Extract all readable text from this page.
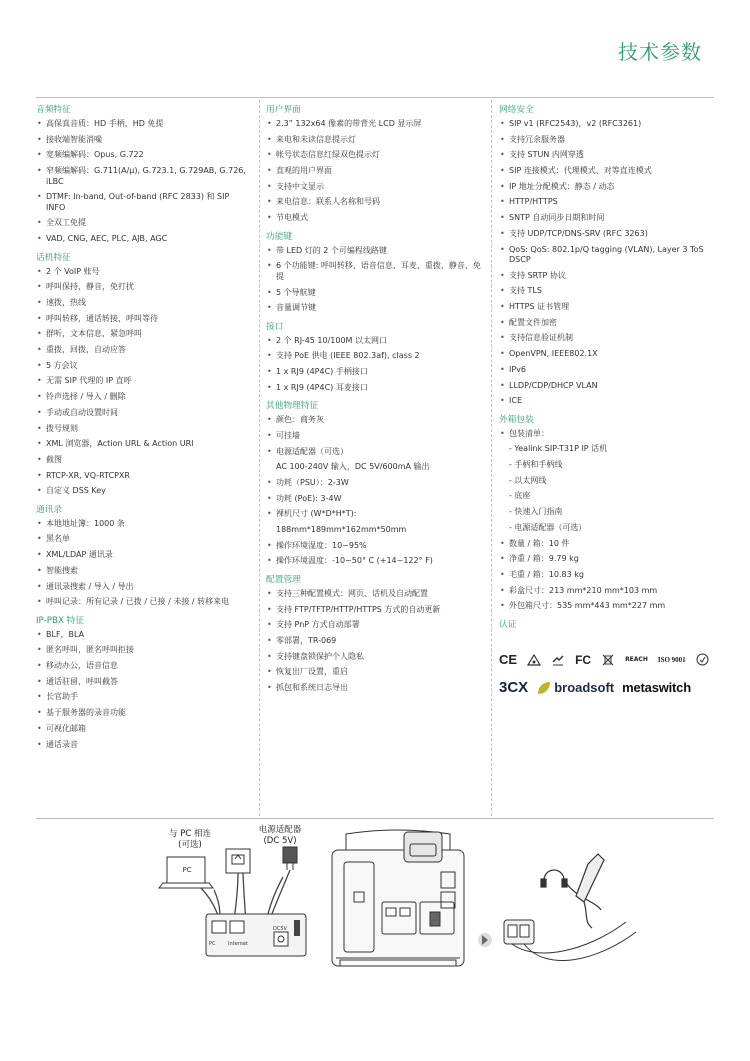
技术参数
音频特征
• 高保真音质：HD 手柄，HD 免提
• 接收端智能消噪
• 宽频编解码：Opus, G.722
• 窄频编解码：G.711(A/μ), G.723.1, G.729AB, G.726, iLBC
• DTMF: In-band, Out-of-band (RFC 2833) 和 SIP INFO
• 全双工免提
• VAD, CNG, AEC, PLC, AJB, AGC
话机特征
• 2 个 VoIP 账号
• 呼叫保持，静音，免打扰
• 速拨，热线
• 呼叫转移，通话转接，呼叫等待
• 群听，文本信息，紧急呼叫
• 重拨，回拨，自动应答
• 5 方会议
• 无需 SIP 代理的 IP 直呼
• 铃声选择 / 导入 / 删除
• 手动或自动设置时间
• 拨号规则
• XML 浏览器，Action URL & Action URI
• 截图
• RTCP-XR, VQ-RTCPXR
• 自定义 DSS Key
通讯录
• 本地地址簿：1000 条
• 黑名单
• XML/LDAP 通讯录
• 智能搜索
• 通讯录搜索 / 导入 / 导出
• 呼叫记录：所有记录 / 已拨 / 已接 / 未接 / 转移来电
IP-PBX 特征
• BLF，BLA
• 匿名呼叫，匿名呼叫拒接
• 移动办公，语音信息
• 通话驻留，呼叫截答
• 长官助手
• 基于服务器的录音功能
• 可视化邮箱
• 通话录音
用户界面
• 2.3” 132x64 像素的带背光 LCD 显示屏
• 来电和未读信息提示灯
• 帐号状态信息红绿双色提示灯
• 直观的用户界面
• 支持中文显示
• 来电信息：联系人名称和号码
• 节电模式
功能键
• 带 LED 灯的 2 个可编程线路键
• 6 个功能键: 呼叫转移、语音信息、耳麦、重拨、静音、免提
• 5 个导航键
• 音量调节键
接口
• 2 个 RJ-45 10/100M 以太网口
• 支持 PoE 供电 (IEEE 802.3af), class 2
• 1 x RJ9 (4P4C) 手柄接口
• 1 x RJ9 (4P4C) 耳麦接口
其他物理特征
• 颜色：商务灰
• 可挂墙
• 电源适配器（可选）
AC 100-240V 输入，DC 5V/600mA 输出
• 功耗（PSU）：2-3W
• 功耗 (PoE): 3-4W
• 裸机尺寸 (W*D*H*T):
188mm*189mm*162mm*50mm
• 操作环境湿度：10~95%
• 操作环境温度：-10~50° C (+14~122° F)
配置管理
• 支持三种配置模式：网页、话机及自动配置
• 支持 FTP/TFTP/HTTP/HTTPS 方式的自动更新
• 支持 PnP 方式自动部署
• 零部署，TR-069
• 支持键盘锁保护个人隐私
• 恢复出厂设置，重启
• 抓包和系统日志导出
网络安全
• SIP v1 (RFC2543)，v2 (RFC3261)
• 支持冗余服务器
• 支持 STUN 内网穿透
• SIP 连接模式：代理模式、对等直连模式
• IP 地址分配模式：静态 / 动态
• HTTP/HTTPS
• SNTP 自动同步日期和时间
• 支持 UDP/TCP/DNS-SRV (RFC 3263)
• QoS: QoS: 802.1p/Q tagging (VLAN), Layer 3 ToS DSCP
• 支持 SRTP 协议
• 支持 TLS
• HTTPS 证书管理
• 配置文件加密
• 支持信息验证机制
• OpenVPN, IEEE802.1X
• IPv6
• LLDP/CDP/DHCP VLAN
• ICE
外箱包装
• 包装清单：
- Yealink SIP-T31P IP 话机
- 手柄和手柄线
- 以太网线
- 底座
- 快速入门指南
- 电源适配器（可选）
• 数量 / 箱：10 件
• 净重 / 箱：9.79 kg
• 毛重 / 箱：10.83 kg
• 彩盒尺寸：213 mm*210 mm*103 mm
• 外包箱尺寸：535 mm*443 mm*227 mm
认证
CE	FC	REACH ISO 9001
3CX broadsoft metaswitch
与 PC 相连
(可选)
电源适配器
(DC 5V)
PC
PC Internet
DC5V
